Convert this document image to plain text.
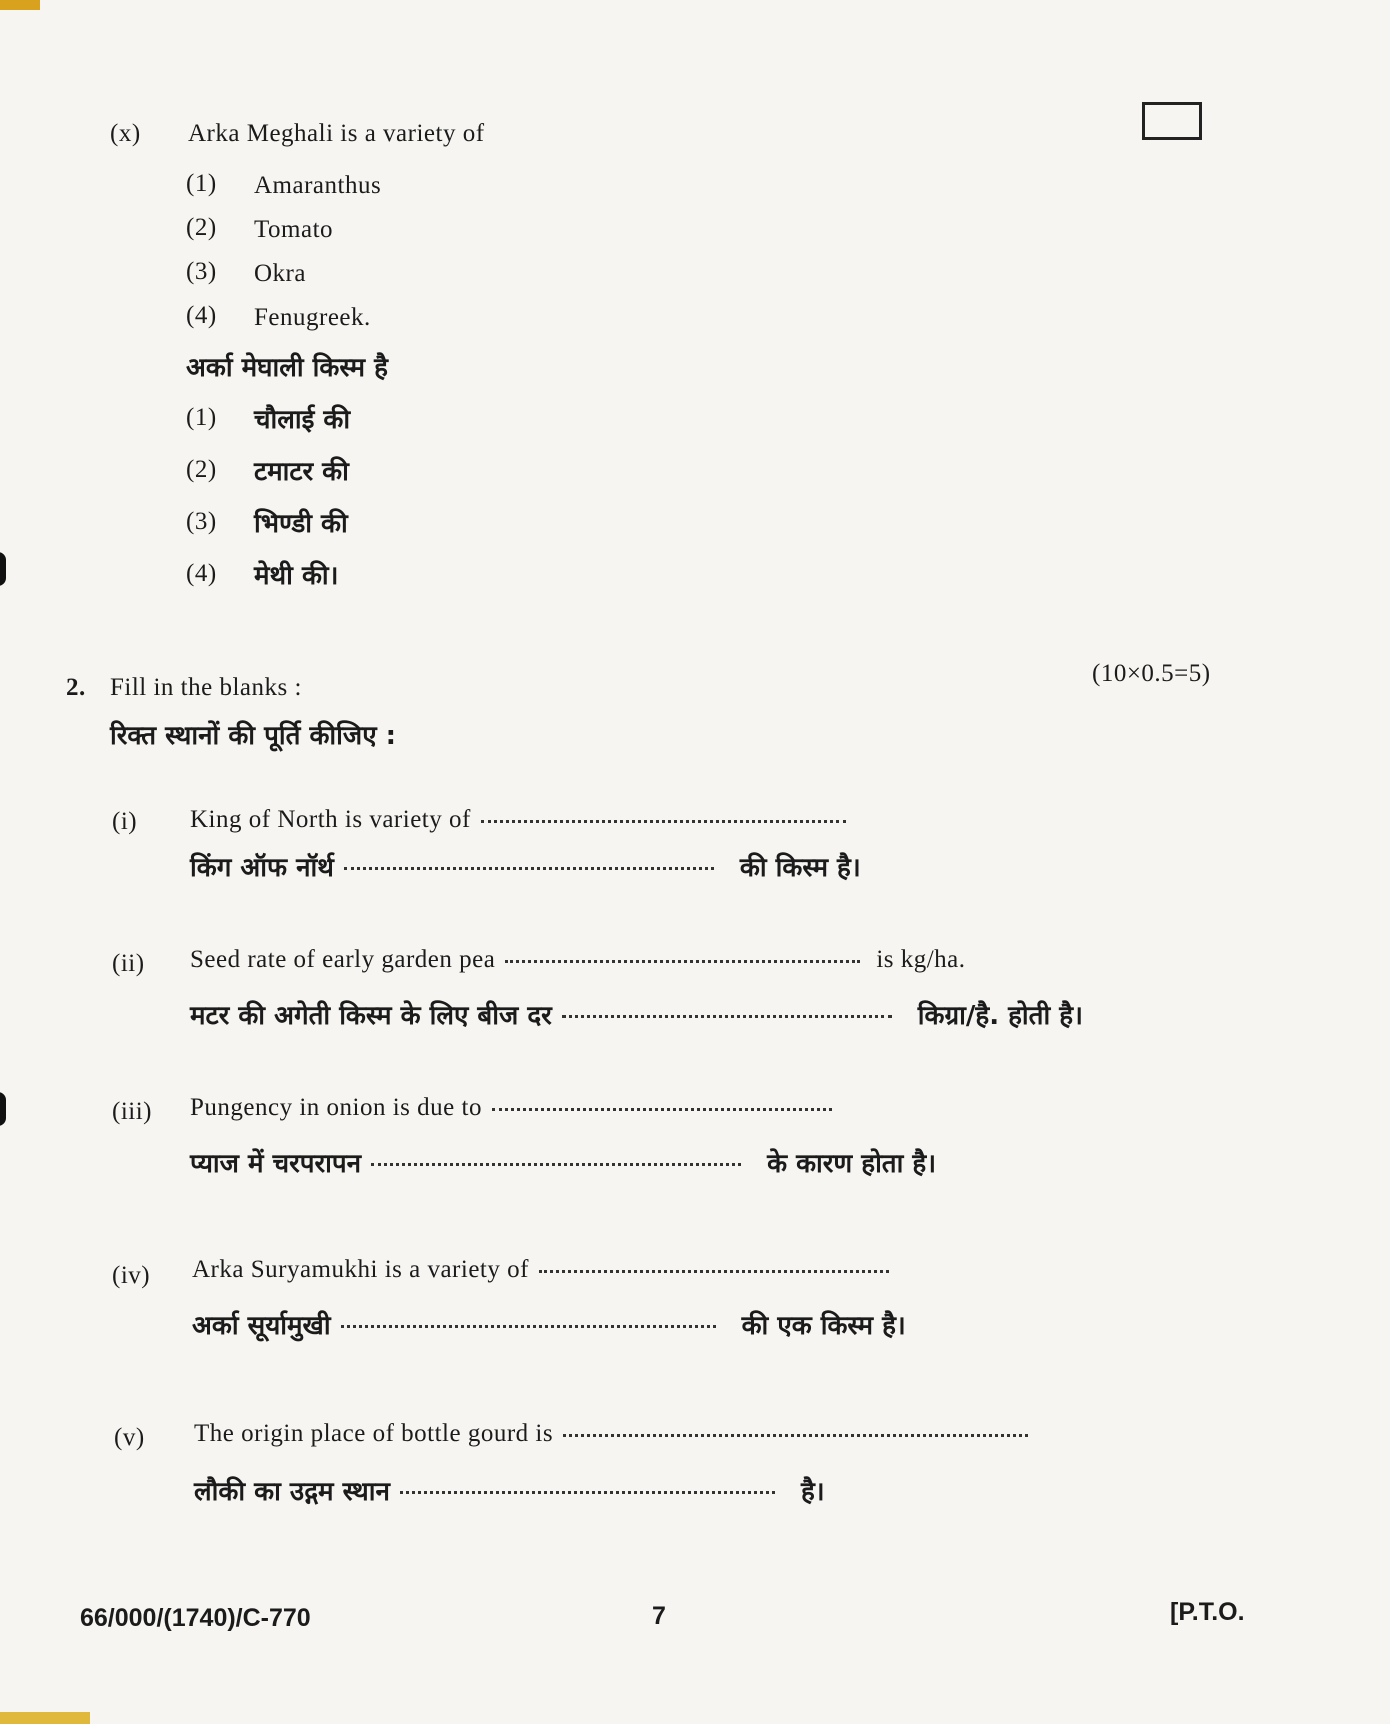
(x) Arka Meghali is a variety of
(1) Amaranthus
(2) Tomato
(3) Okra
(4) Fenugreek.
अर्का मेघाली किस्म है
(1) चौलाई की
(2) टमाटर की
(3) भिण्डी की
(4) मेथी की।
2. Fill in the blanks :
(10×0.5=5)
रिक्त स्थानों की पूर्ति कीजिए :
(i) King of North is variety of
किंग ऑफ नॉर्थ	की किस्म है।
(ii) Seed rate of early garden pea	is kg/ha.
मटर की अगेती किस्म के लिए बीज दर	किग्रा/है. होती है।
(iii) Pungency in onion is due to
प्याज में चरपरापन	के कारण होता है।
(iv) Arka Suryamukhi is a variety of
अर्का सूर्यामुखी	की एक किस्म है।
(v) The origin place of bottle gourd is
लौकी का उद्गम स्थान	है।
66/000/(1740)/C-770	7	[P.T.O.
